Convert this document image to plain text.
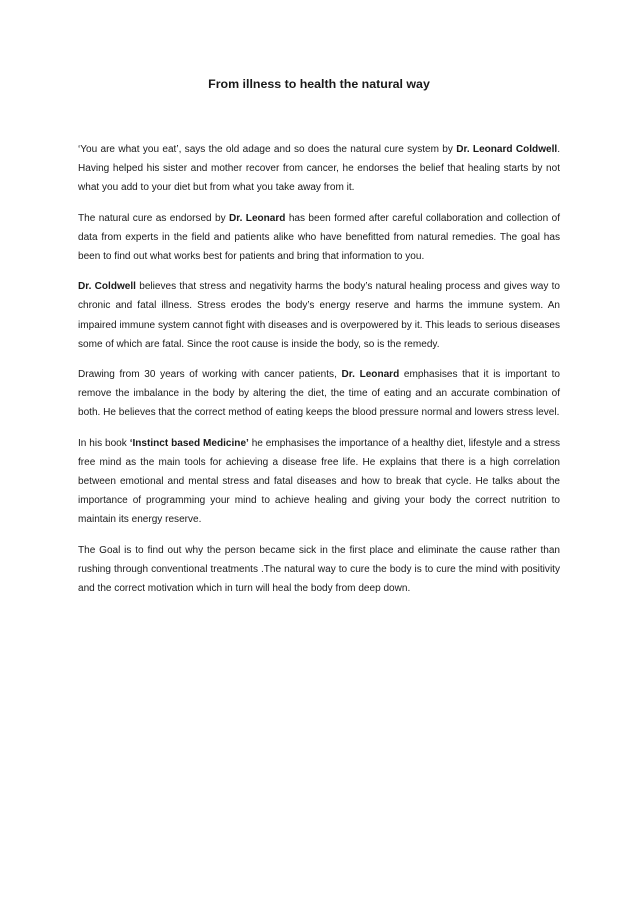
From illness to health the natural way

‘You are what you eat’, says the old adage and so does the natural cure system by Dr. Leonard Coldwell. Having helped his sister and mother recover from cancer, he endorses the belief that healing starts by not what you add to your diet but from what you take away from it.

The natural cure as endorsed by Dr. Leonard has been formed after careful collaboration and collection of data from experts in the field and patients alike who have benefitted from natural remedies. The goal has been to find out what works best for patients and bring that information to you.

Dr. Coldwell believes that stress and negativity harms the body’s natural healing process and gives way to chronic and fatal illness. Stress erodes the body’s energy reserve and harms the immune system. An impaired immune system cannot fight with diseases and is overpowered by it. This leads to serious diseases some of which are fatal. Since the root cause is inside the body, so is the remedy.

Drawing from 30 years of working with cancer patients, Dr. Leonard emphasises that it is important to remove the imbalance in the body by altering the diet, the time of eating and an accurate combination of both. He believes that the correct method of eating keeps the blood pressure normal and lowers stress level.

In his book ‘Instinct based Medicine’ he emphasises the importance of a healthy diet, lifestyle and a stress free mind as the main tools for achieving a disease free life. He explains that there is a high correlation between emotional and mental stress and fatal diseases and how to break that cycle. He talks about the importance of programming your mind to achieve healing and giving your body the correct nutrition to maintain its energy reserve.

The Goal is to find out why the person became sick in the first place and eliminate the cause rather than rushing through conventional treatments .The natural way to cure the body is to cure the mind with positivity and the correct motivation which in turn will heal the body from deep down.
